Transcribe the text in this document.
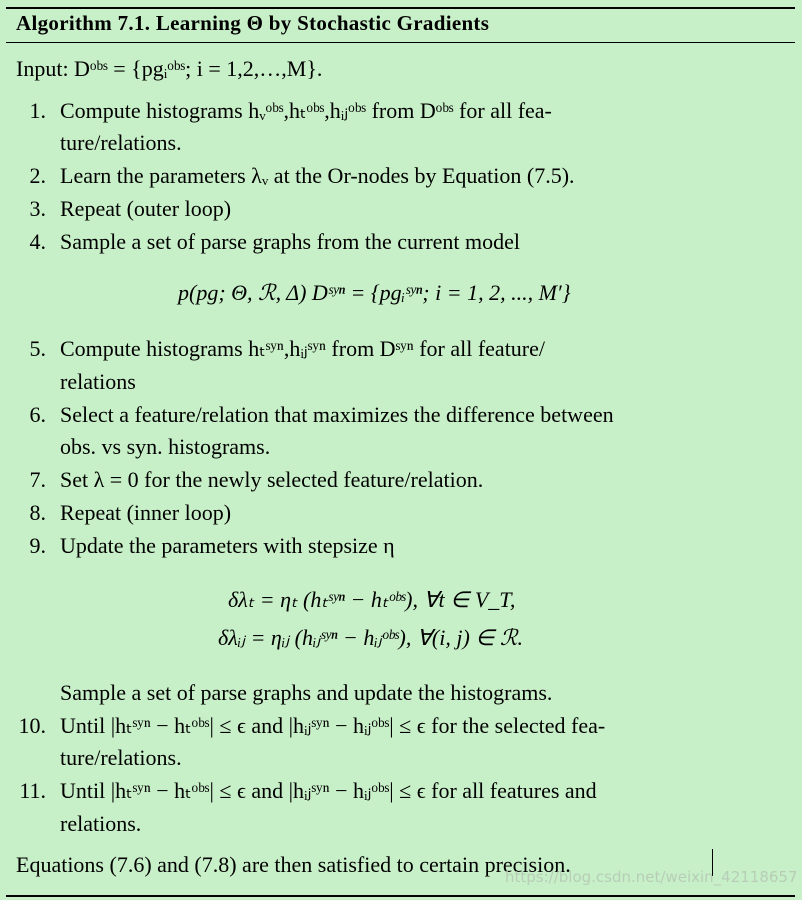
Algorithm 7.1. Learning Θ by Stochastic Gradients
Input: Dᵒᵇˢ = {pgᵢᵒᵇˢ; i = 1,2,…,M}.
1. Compute histograms hᵥᵒᵇˢ,hₜᵒᵇˢ,hᵢⱼᵒᵇˢ from Dᵒᵇˢ for all fea-
ture/relations.
2. Learn the parameters λᵥ at the Or-nodes by Equation (7.5).
3. Repeat (outer loop)
4. Sample a set of parse graphs from the current model
p(pg; Θ, ℛ, Δ) Dˢʸⁿ = {pgᵢˢʸⁿ; i = 1, 2, ..., M′}
5. Compute histograms hₜˢʸⁿ,hᵢⱼˢʸⁿ from Dˢʸⁿ for all feature/
relations
6. Select a feature/relation that maximizes the difference between
obs. vs syn. histograms.
7. Set λ = 0 for the newly selected feature/relation.
8. Repeat (inner loop)
9. Update the parameters with stepsize η
δλₜ = ηₜ (hₜˢʸⁿ − hₜᵒᵇˢ), ∀t ∈ V_T,
δλᵢⱼ = ηᵢⱼ (hᵢⱼˢʸⁿ − hᵢⱼᵒᵇˢ), ∀(i, j) ∈ ℛ.
Sample a set of parse graphs and update the histograms.
10. Until |hₜˢʸⁿ − hₜᵒᵇˢ| ≤ ϵ and |hᵢⱼˢʸⁿ − hᵢⱼᵒᵇˢ| ≤ ϵ for the selected fea-
ture/relations.
11. Until |hₜˢʸⁿ − hₜᵒᵇˢ| ≤ ϵ and |hᵢⱼˢʸⁿ − hᵢⱼᵒᵇˢ| ≤ ϵ for all features and
relations.
Equations (7.6) and (7.8) are then satisfied to certain precision.
https://blog.csdn.net/weixin_42118657
